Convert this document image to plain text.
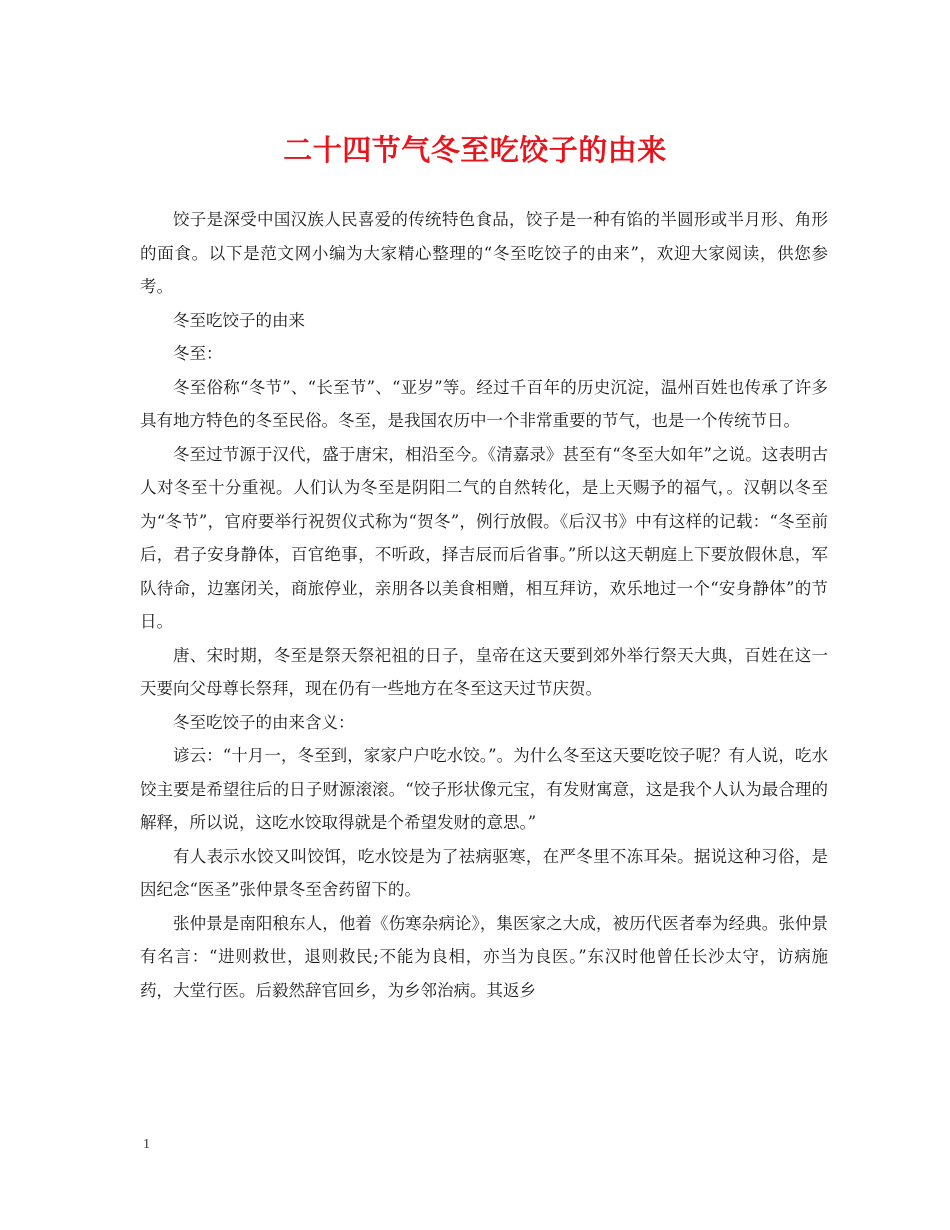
二十四节气冬至吃饺子的由来

饺子是深受中国汉族人民喜爱的传统特色食品，饺子是一种有馅的半圆形或半月形、角形的面食。以下是范文网小编为大家精心整理的“冬至吃饺子的由来”，欢迎大家阅读，供您参考。

冬至吃饺子的由来

冬至：

冬至俗称“冬节”、“长至节”、“亚岁”等。经过千百年的历史沉淀，温州百姓也传承了许多具有地方特色的冬至民俗。冬至，是我国农历中一个非常重要的节气，也是一个传统节日。

冬至过节源于汉代，盛于唐宋，相沿至今。《清嘉录》甚至有“冬至大如年”之说。这表明古人对冬至十分重视。人们认为冬至是阴阳二气的自然转化，是上天赐予的福气，。汉朝以冬至为“冬节”，官府要举行祝贺仪式称为“贺冬”，例行放假。《后汉书》中有这样的记载：“冬至前后，君子安身静体，百官绝事，不听政，择吉辰而后省事。”所以这天朝庭上下要放假休息，军队待命，边塞闭关，商旅停业，亲朋各以美食相赠，相互拜访，欢乐地过一个“安身静体”的节日。

唐、宋时期，冬至是祭天祭祀祖的日子，皇帝在这天要到郊外举行祭天大典，百姓在这一天要向父母尊长祭拜，现在仍有一些地方在冬至这天过节庆贺。

冬至吃饺子的由来含义：

谚云：“十月一，冬至到，家家户户吃水饺。”。为什么冬至这天要吃饺子呢？有人说，吃水饺主要是希望往后的日子财源滚滚。“饺子形状像元宝，有发财寓意，这是我个人认为最合理的解释，所以说，这吃水饺取得就是个希望发财的意思。”

有人表示水饺又叫饺饵，吃水饺是为了祛病驱寒，在严冬里不冻耳朵。据说这种习俗，是因纪念“医圣”张仲景冬至舍药留下的。

张仲景是南阳稂东人，他着《伤寒杂病论》，集医家之大成，被历代医者奉为经典。张仲景有名言：“进则救世，退则救民;不能为良相，亦当为良医。”东汉时他曾任长沙太守，访病施药，大堂行医。后毅然辞官回乡，为乡邻治病。其返乡

1
